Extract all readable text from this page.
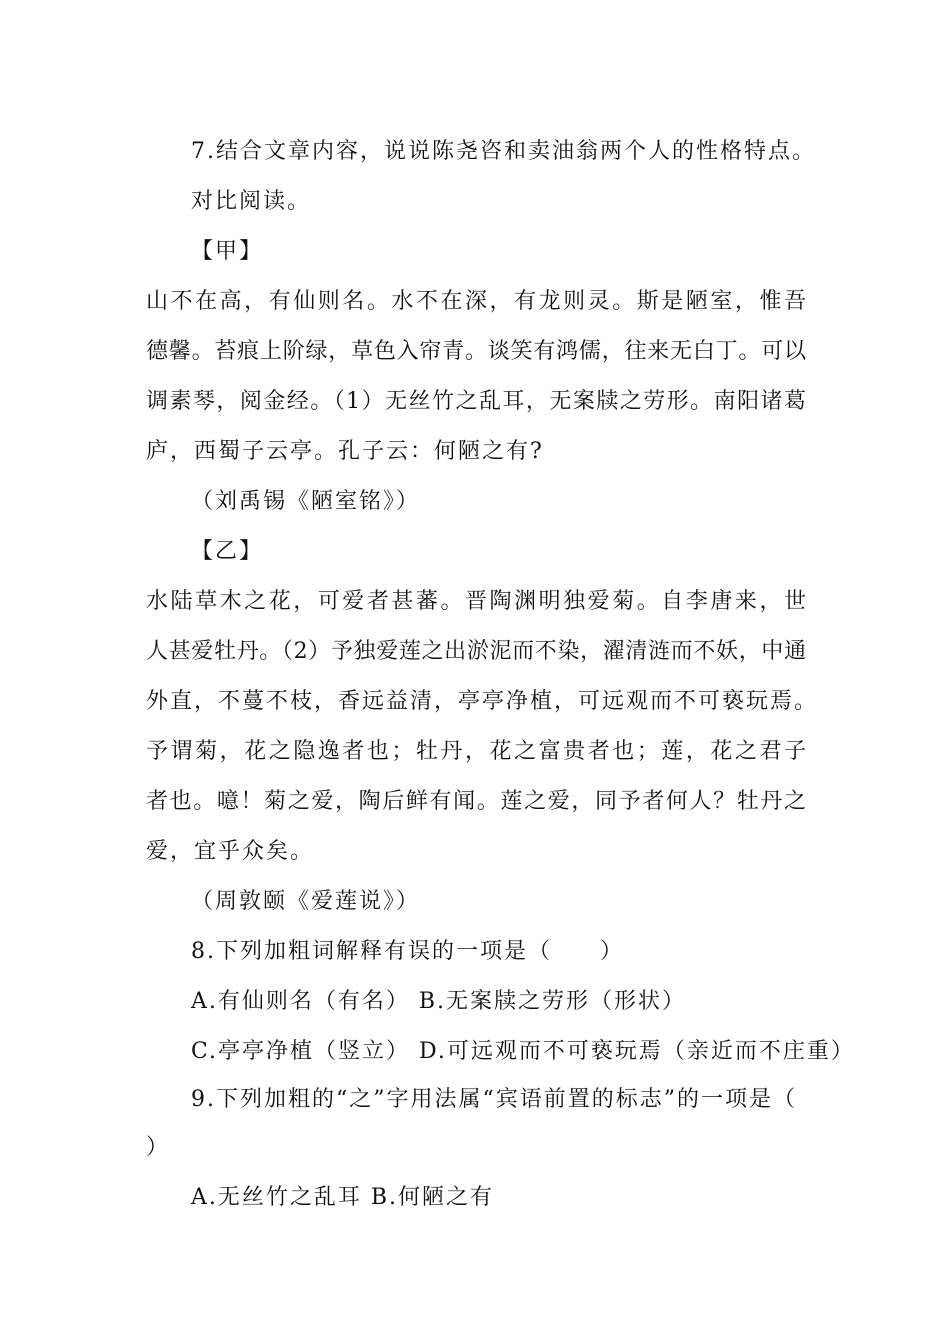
7.结合文章内容，说说陈尧咨和卖油翁两个人的性格特点。
对比阅读。
【甲】
山不在高，有仙则名。水不在深，有龙则灵。斯是陋室，惟吾
德馨。苔痕上阶绿，草色入帘青。谈笑有鸿儒，往来无白丁。可以
调素琴，阅金经。（1）无丝竹之乱耳，无案牍之劳形。南阳诸葛
庐，西蜀子云亭。孔子云：何陋之有?
（刘禹锡《陋室铭》）
【乙】
水陆草木之花，可爱者甚蕃。晋陶渊明独爱菊。自李唐来，世
人甚爱牡丹。（2）予独爱莲之出淤泥而不染，濯清涟而不妖，中通
外直，不蔓不枝，香远益清，亭亭净植，可远观而不可亵玩焉。
予谓菊，花之隐逸者也；牡丹，花之富贵者也；莲，花之君子
者也。噫！菊之爱，陶后鲜有闻。莲之爱，同予者何人？牡丹之
爱，宜乎众矣。
（周敦颐《爱莲说》）
8.下列加粗词解释有误的一项是（　　）
A.有仙则名（有名） B.无案牍之劳形（形状）
C.亭亭净植（竖立） D.可远观而不可亵玩焉（亲近而不庄重）
9.下列加粗的“之”字用法属“宾语前置的标志”的一项是（
）
A.无丝竹之乱耳 B.何陋之有
